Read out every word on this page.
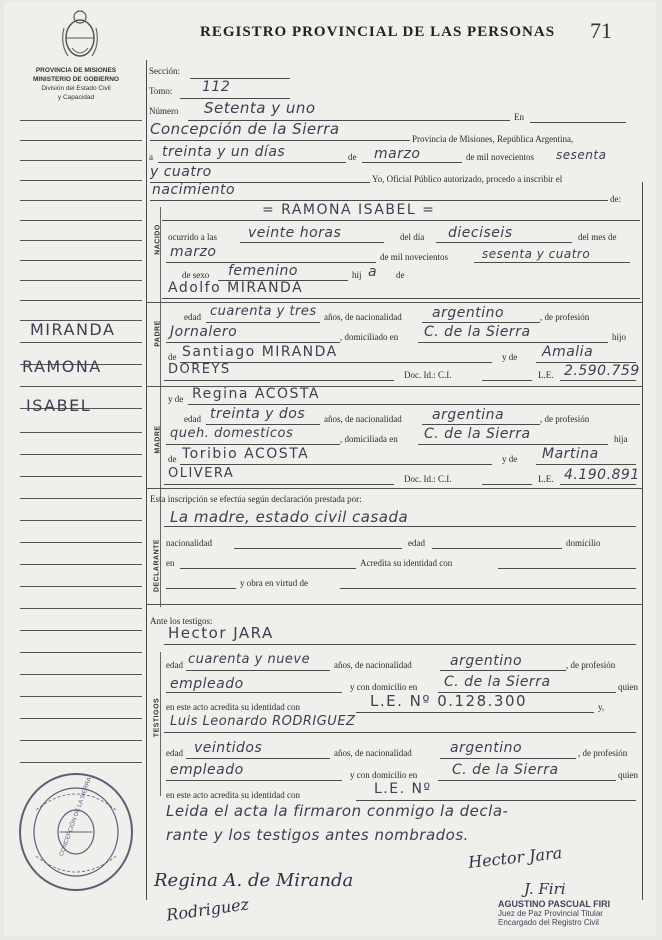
REGISTRO PROVINCIAL DE LAS PERSONAS 71
PROVINCIA DE MISIONES
MINISTERIO DE GOBIERNO
División del Estado Civil
y Capacidad
MIRANDA
RAMONA
ISABEL
Sección:
Tomo: 112
Número Setenta y uno	En
Concepción de la Sierra
Provincia de Misiones, República Argentina,
a treinta y un días	de marzo	de mil novecientos sesenta
y cuatro	Yo, Oficial Público autorizado, procedo a inscribir el
nacimiento
de:
= RAMONA ISABEL =
NACIDO ocurrido a las veinte horas	del día dieciseis	del mes de
marzo	de mil novecientos	sesenta y cuatro
de sexo femenino	hij a de
PADRE
Adolfo MIRANDA
edad cuarenta y tres años, de nacionalidad argentino	, de profesión
Jornalero	, domiciliado en C. de la Sierra	hijo
de Santiago MIRANDA	y de Amalia
DOREYS	Doc. Id.: C.I.	L.E. 2.590.759
MADRE
y de Regina ACOSTA
edad treinta y dos años, de nacionalidad argentina	, de profesión
queh. domesticos	, domiciliada en C. de la Sierra	hija
de Toribio ACOSTA	y de Martina
OLIVERA	Doc. Id.: C.I.	L.E. 4.190.891
Esta inscripción se efectúa según declaración prestada por:
La madre, estado civil casada
DECLARANTE nacionalidad	edad	domicilio
en	Acredita su identidad con
y obra en virtud de
Ante los testigos:
Hector JARA
TESTIGOS
edad cuarenta y nueve	años, de nacionalidad	argentino	, de profesión
empleado	y con domicilio en C. de la Sierra	quien
en este acto acredita su identidad con	L.E. Nº 0.128.300	y,
Luis Leonardo RODRIGUEZ
edad veintidos	años, de nacionalidad	argentino	, de profesión
empleado	y con domicilio en C. de la Sierra	quien
en este acto acredita su identidad con	L.E. Nº
Leida el acta la firmaron conmigo la decla-
rante y los testigos antes nombrados.
Hector Jara
Regina A. de Miranda
Rodriguez
J. Firi
AGUSTINO PASCUAL FIRI
Juez de Paz Provincial Titular
Encargado del Registro Civil
CONCEPCIÓN DE LA SIERRA
